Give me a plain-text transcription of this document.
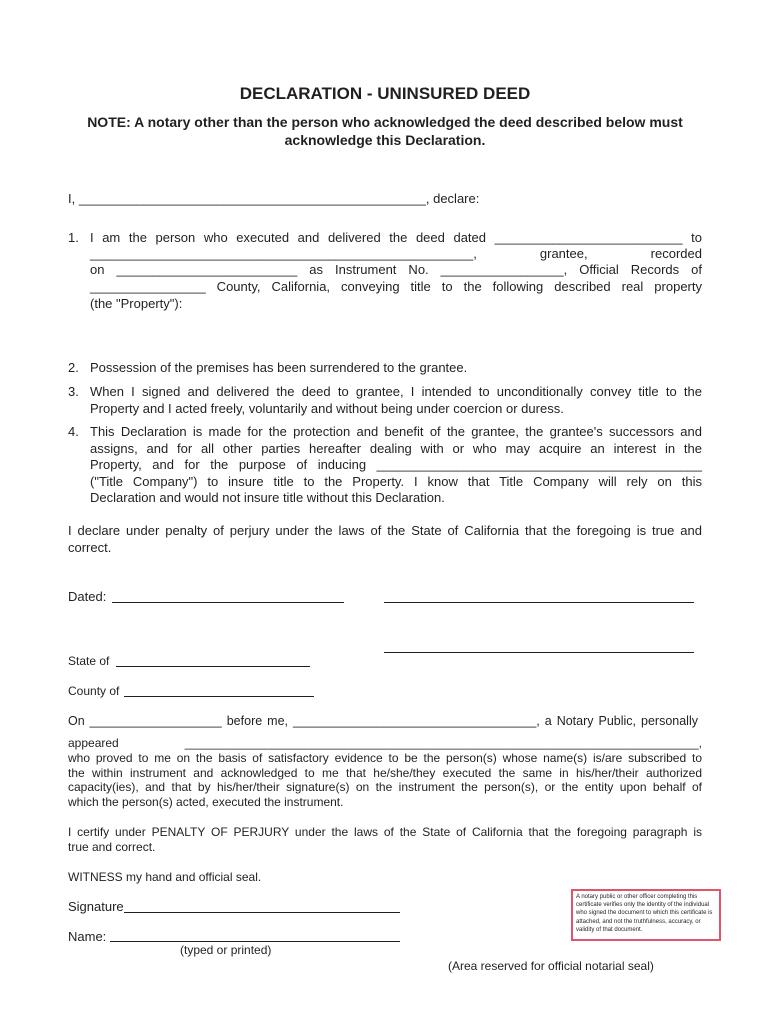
DECLARATION - UNINSURED DEED
NOTE: A notary other than the person who acknowledged the deed described below must acknowledge this Declaration.
I, ________________________________________________, declare:
1. I am the person who executed and delivered the deed dated __________________________ to
_____________________________________________________, grantee, recorded
on _________________________ as Instrument No. _________________, Official Records of
________________ County, California, conveying title to the following described real property
(the "Property"):
2. Possession of the premises has been surrendered to the grantee.
3. When I signed and delivered the deed to grantee, I intended to unconditionally convey title to the
Property and I acted freely, voluntarily and without being under coercion or duress.
4. This Declaration is made for the protection and benefit of the grantee, the grantee's successors and
assigns, and for all other parties hereafter dealing with or who may acquire an interest in the
Property, and for the purpose of inducing _____________________________________________
("Title Company") to insure title to the Property. I know that Title Company will rely on this
Declaration and would not insure title without this Declaration.
I declare under penalty of perjury under the laws of the State of California that the foregoing is true and
correct.
Dated:
State of
County of
On ___________________ before me, ___________________________________, a Notary Public, personally
appeared _____________________________________________________________________________,
who proved to me on the basis of satisfactory evidence to be the person(s) whose name(s) is/are subscribed to
the within instrument and acknowledged to me that he/she/they executed the same in his/her/their authorized
capacity(ies), and that by his/her/their signature(s) on the instrument the person(s), or the entity upon behalf of
which the person(s) acted, executed the instrument.
I certify under PENALTY OF PERJURY under the laws of the State of California that the foregoing paragraph is
true and correct.
WITNESS my hand and official seal.
Signature
Name:
(typed or printed)
A notary public or other officer completing this certificate verifies only the identity of the individual who signed the document to which this certificate is attached, and not the truthfulness, accuracy, or validity of that document.
(Area reserved for official notarial seal)
